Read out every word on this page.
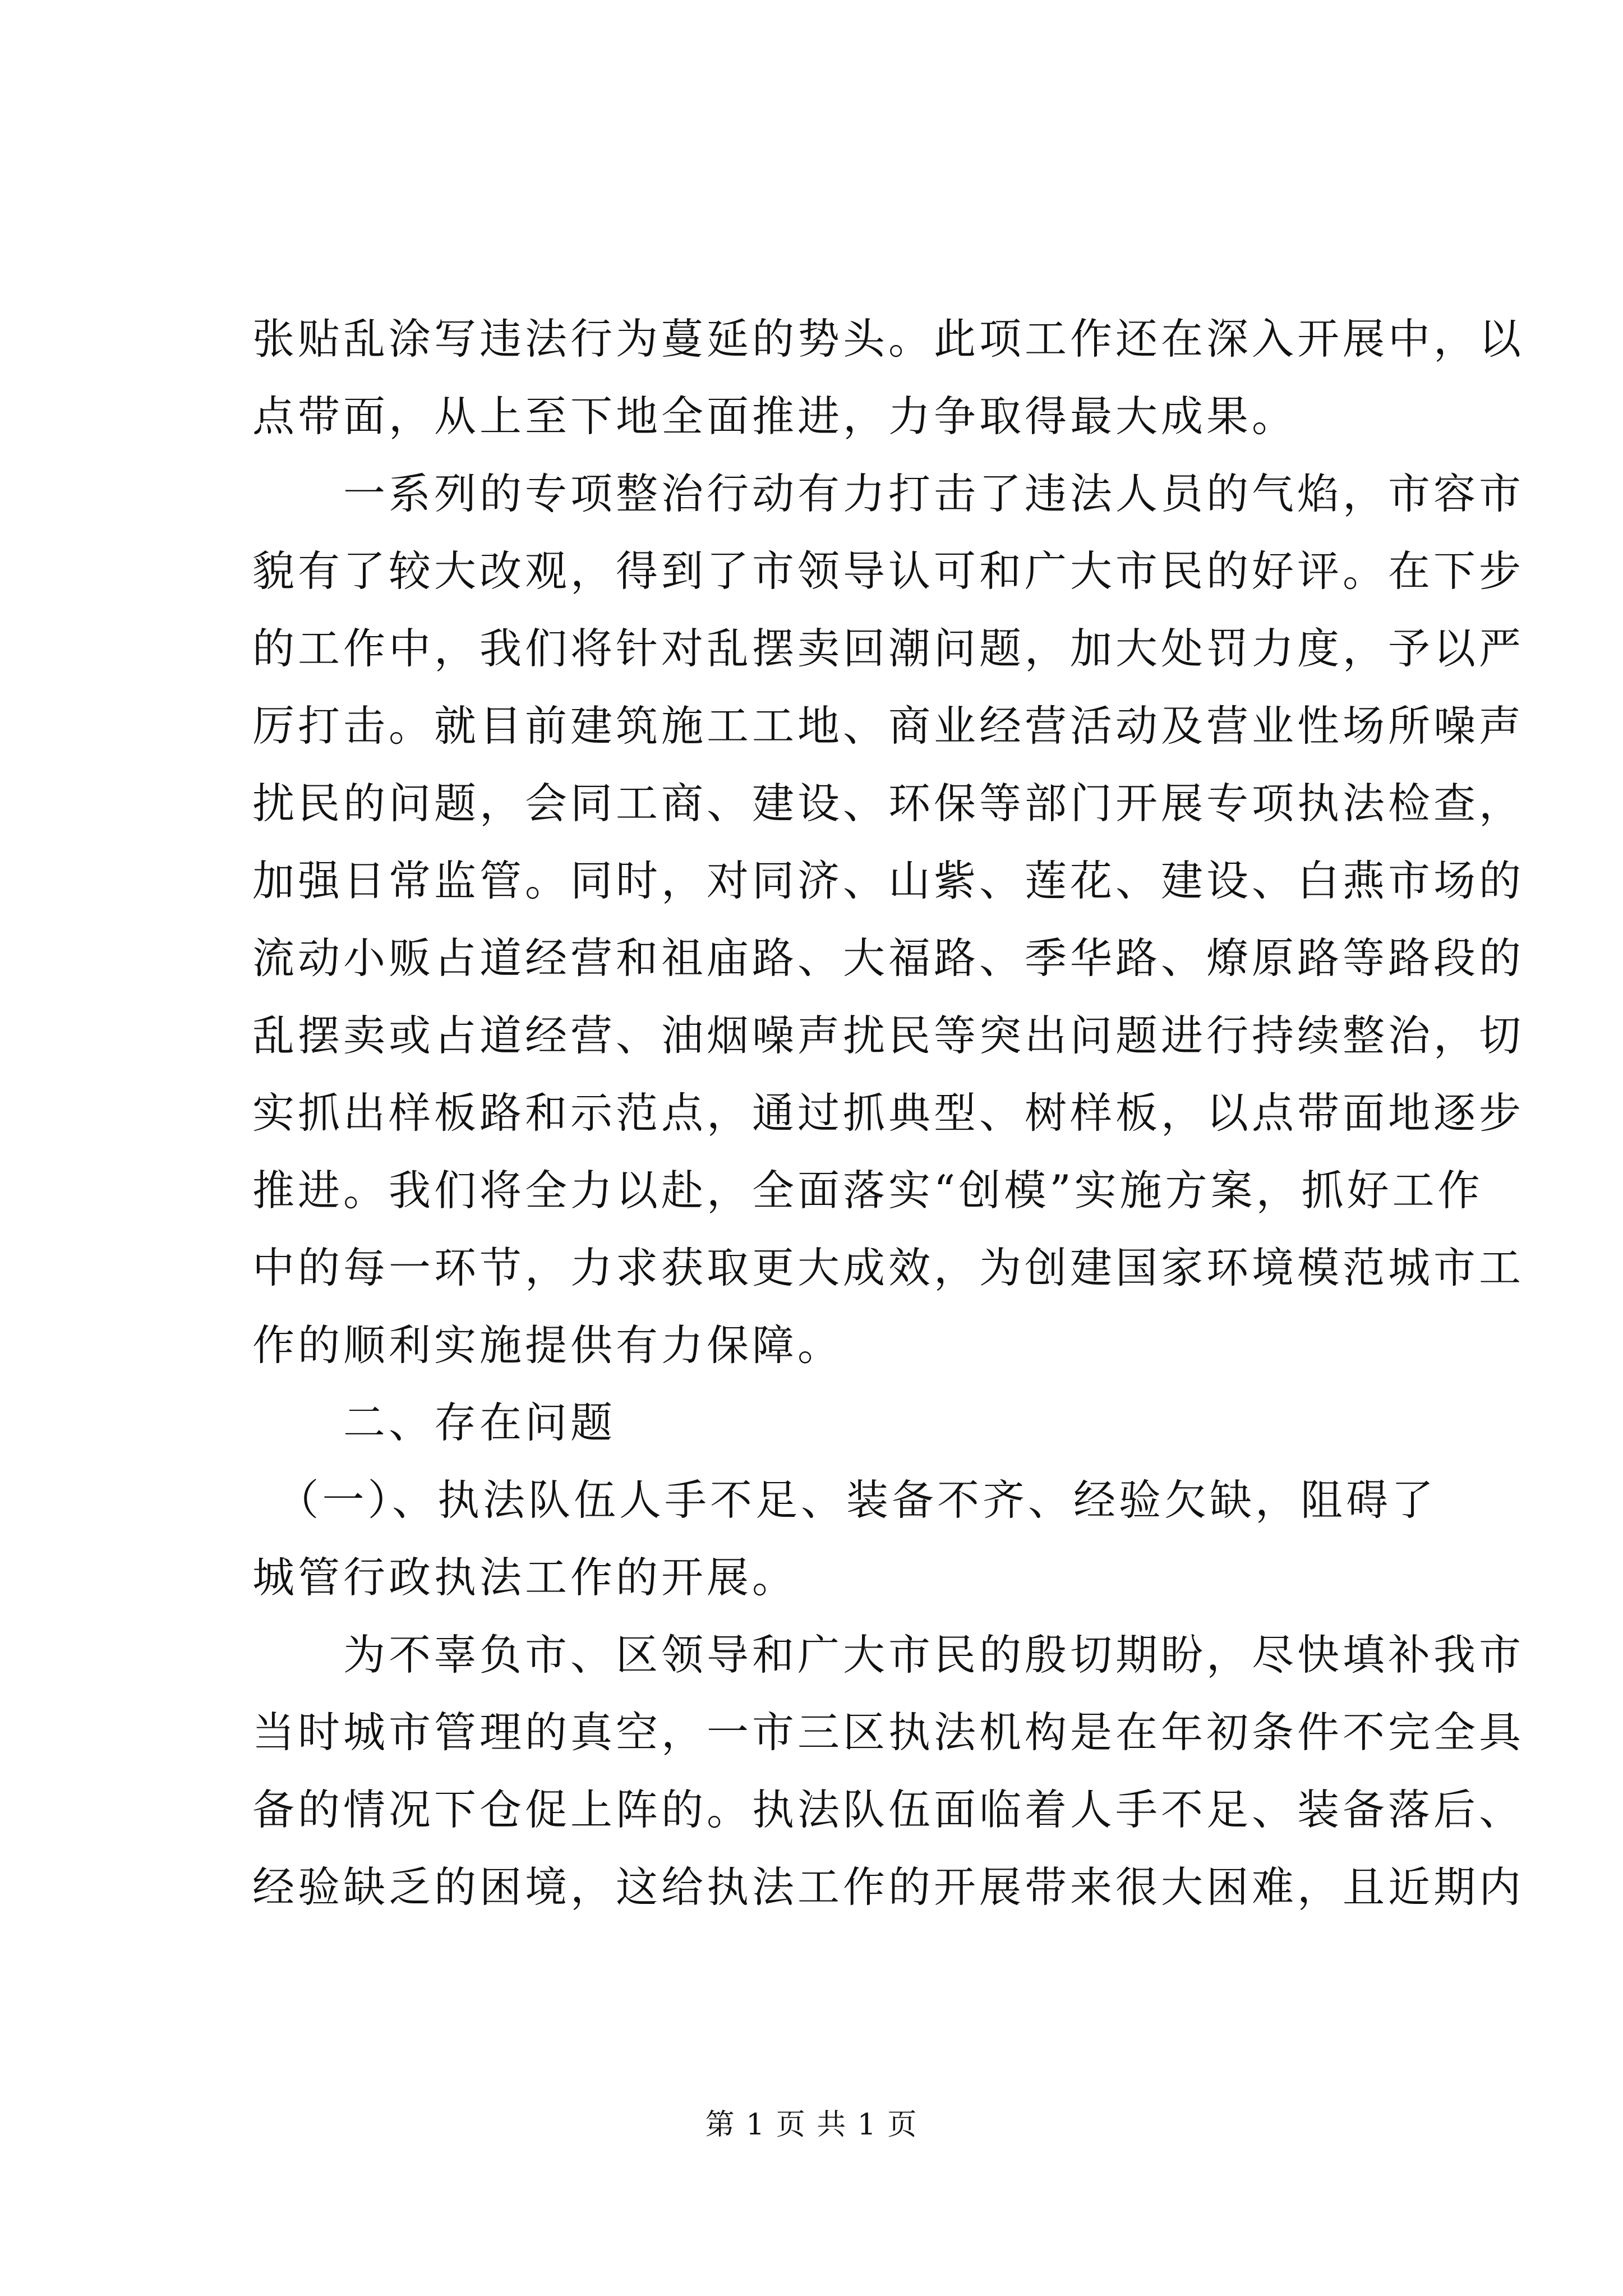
张贴乱涂写违法行为蔓延的势头。此项工作还在深入开展中，以
点带面，从上至下地全面推进，力争取得最大成果。
　　一系列的专项整治行动有力打击了违法人员的气焰，市容市
貌有了较大改观，得到了市领导认可和广大市民的好评。在下步
的工作中，我们将针对乱摆卖回潮问题，加大处罚力度，予以严
厉打击。就目前建筑施工工地、商业经营活动及营业性场所噪声
扰民的问题，会同工商、建设、环保等部门开展专项执法检查，
加强日常监管。同时，对同济、山紫、莲花、建设、白燕市场的
流动小贩占道经营和祖庙路、大福路、季华路、燎原路等路段的
乱摆卖或占道经营、油烟噪声扰民等突出问题进行持续整治，切
实抓出样板路和示范点，通过抓典型、树样板，以点带面地逐步
推进。我们将全力以赴，全面落实“创模”实施方案，抓好工作
中的每一环节，力求获取更大成效，为创建国家环境模范城市工
作的顺利实施提供有力保障。
　　二、存在问题
　（一）、执法队伍人手不足、装备不齐、经验欠缺，阻碍了
城管行政执法工作的开展。
　　为不辜负市、区领导和广大市民的殷切期盼，尽快填补我市
当时城市管理的真空，一市三区执法机构是在年初条件不完全具
备的情况下仓促上阵的。执法队伍面临着人手不足、装备落后、
经验缺乏的困境，这给执法工作的开展带来很大困难，且近期内
第 1 页 共 1 页
